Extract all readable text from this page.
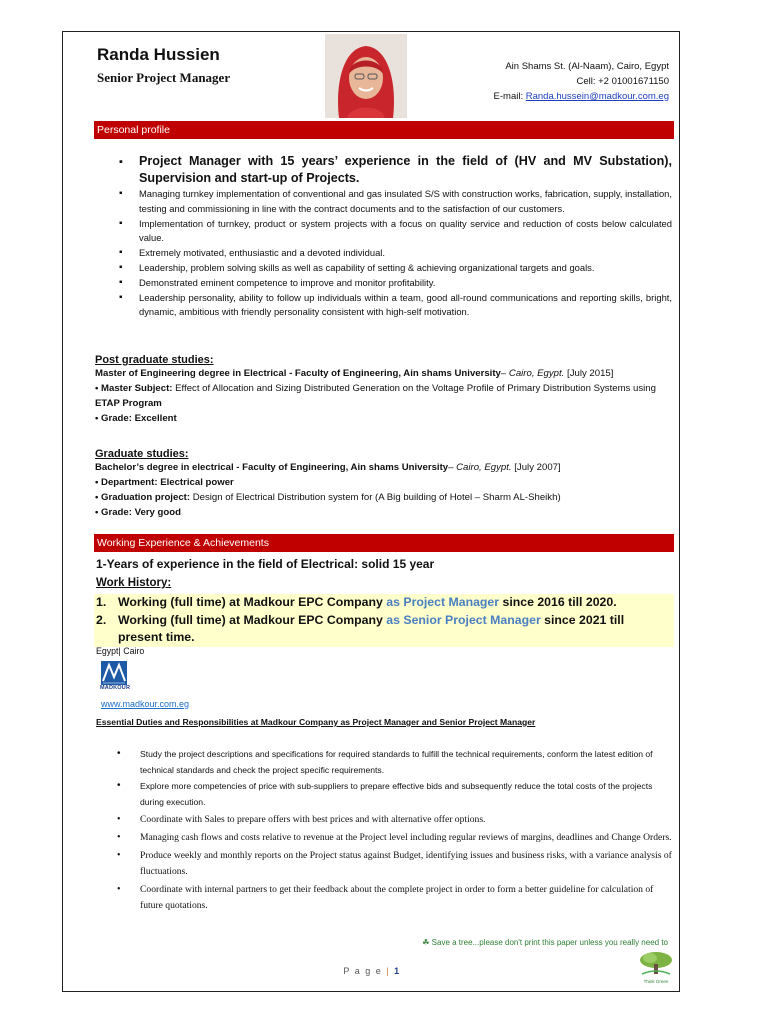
Randa Hussien
Senior Project Manager
Ain Shams St. (Al-Naam), Cairo, Egypt
Cell: +2 01001671150
E-mail: Randa.hussein@madkour.com.eg
Personal profile
▪ Project Manager with 15 years’ experience in the field of (HV and MV Substation), Supervision and start-up of Projects.
▪ Managing turnkey implementation of conventional and gas insulated S/S with construction works, fabrication, supply, installation, testing and commissioning in line with the contract documents and to the satisfaction of our customers.
▪ Implementation of turnkey, product or system projects with a focus on quality service and reduction of costs below calculated value.
▪ Extremely motivated, enthusiastic and a devoted individual.
▪ Leadership, problem solving skills as well as capability of setting & achieving organizational targets and goals.
▪ Demonstrated eminent competence to improve and monitor profitability.
▪ Leadership personality, ability to follow up individuals within a team, good all-round communications and reporting skills, bright, dynamic, ambitious with friendly personality consistent with high-self motivation.
Post graduate studies:
Master of Engineering degree in Electrical - Faculty of Engineering, Ain shams University– Cairo, Egypt. [July 2015]
• Master Subject: Effect of Allocation and Sizing Distributed Generation on the Voltage Profile of Primary Distribution Systems using ETAP Program
• Grade: Excellent
Graduate studies:
Bachelor’s degree in electrical - Faculty of Engineering, Ain shams University– Cairo, Egypt. [July 2007]
• Department: Electrical power
• Graduation project: Design of Electrical Distribution system for (A Big building of Hotel – Sharm AL-Sheikh)
• Grade: Very good
Working Experience & Achievements
1-Years of experience in the field of Electrical: solid 15 year
Work History:
1. Working (full time) at Madkour EPC Company as Project Manager since 2016 till 2020.
2. Working (full time) at Madkour EPC Company as Senior Project Manager since 2021 till present time.
Egypt| Cairo
MADKOUR
www.madkour.com.eg
Essential Duties and Responsibilities at Madkour Company as Project Manager and Senior Project Manager
• Study the project descriptions and specifications for required standards to fulfill the technical requirements, conform the latest edition of technical standards and check the project specific requirements.
• Explore more competencies of price with sub-suppliers to prepare effective bids and subsequently reduce the total costs of the projects during execution.
• Coordinate with Sales to prepare offers with best prices and with alternative offer options.
• Managing cash flows and costs relative to revenue at the Project level including regular reviews of margins, deadlines and Change Orders.
• Produce weekly and monthly reports on the Project status against Budget, identifying issues and business risks, with a variance analysis of fluctuations.
• Coordinate with internal partners to get their feedback about the complete project in order to form a better guideline for calculation of future quotations.
☘ Save a tree...please don't print this paper unless you really need to
P a g e | 1
Think Green
